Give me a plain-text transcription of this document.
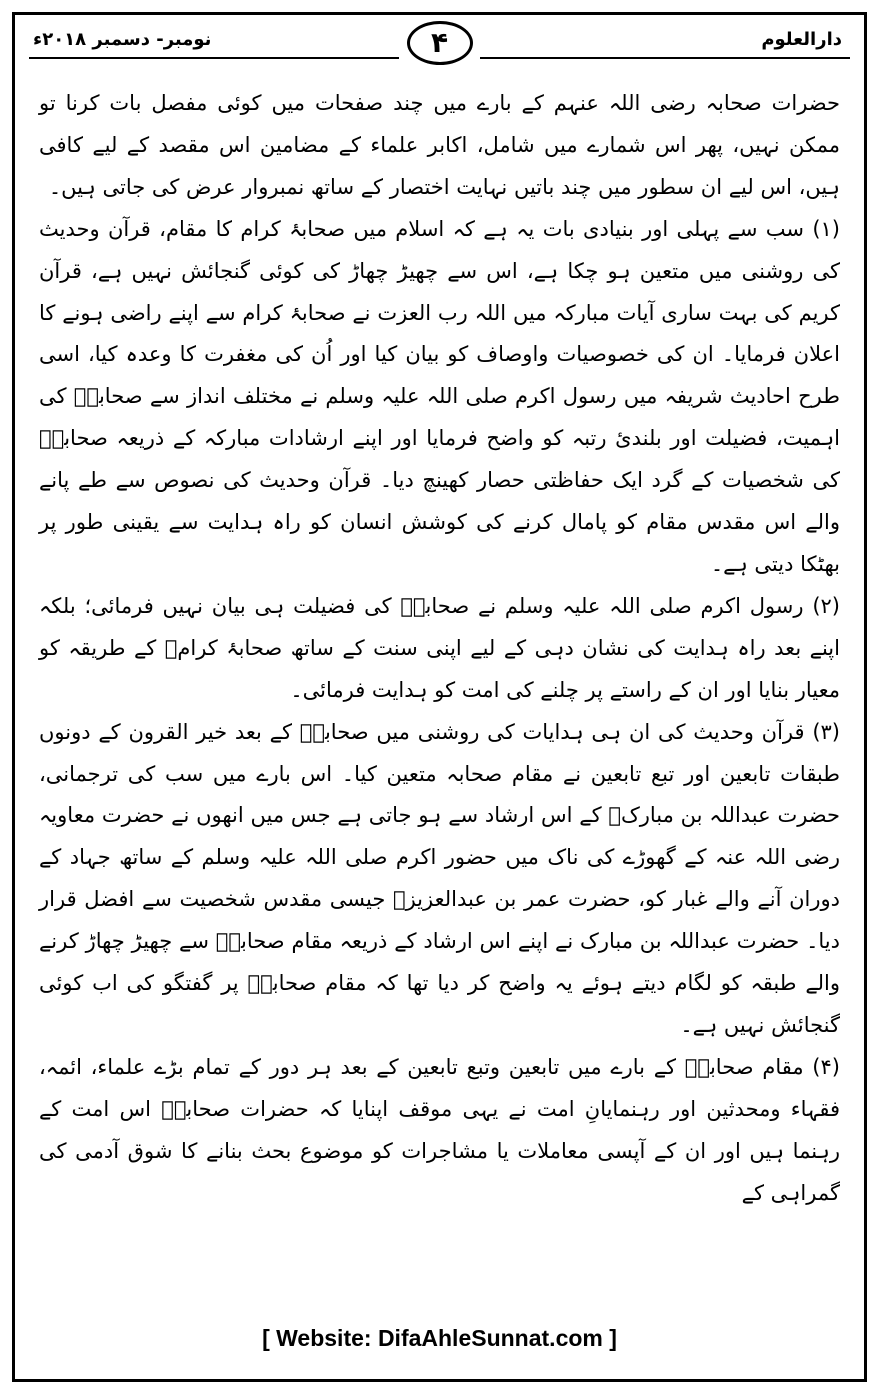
نومبر- دسمبر ۲۰۱۸ء	دارالعلوم
۴

حضرات صحابہ رضی اللہ عنہم کے بارے میں چند صفحات میں کوئی مفصل بات کرنا تو ممکن نہیں، پھر اس شمارے میں شامل، اکابر علماء کے مضامین اس مقصد کے لیے کافی ہیں، اس لیے ان سطور میں چند باتیں نہایت اختصار کے ساتھ نمبروار عرض کی جاتی ہیں۔

(۱) سب سے پہلی اور بنیادی بات یہ ہے کہ اسلام میں صحابۂ کرام کا مقام، قرآن وحدیث کی روشنی میں متعین ہو چکا ہے، اس سے چھیڑ چھاڑ کی کوئی گنجائش نہیں ہے، قرآن کریم کی بہت ساری آیات مبارکہ میں اللہ رب العزت نے صحابۂ کرام سے اپنے راضی ہونے کا اعلان فرمایا۔ ان کی خصوصیات واوصاف کو بیان کیا اور اُن کی مغفرت کا وعدہ کیا، اسی طرح احادیث شریفہ میں رسول اکرم صلی اللہ علیہ وسلم نے مختلف انداز سے صحابہؓ کی اہمیت، فضیلت اور بلندیٔ رتبہ کو واضح فرمایا اور اپنے ارشادات مبارکہ کے ذریعہ صحابہؓ کی شخصیات کے گرد ایک حفاظتی حصار کھینچ دیا۔ قرآن وحدیث کی نصوص سے طے پانے والے اس مقدس مقام کو پامال کرنے کی کوشش انسان کو راہ ہدایت سے یقینی طور پر بھٹکا دیتی ہے۔

(۲) رسول اکرم صلی اللہ علیہ وسلم نے صحابہؓ کی فضیلت ہی بیان نہیں فرمائی؛ بلکہ اپنے بعد راہ ہدایت کی نشان دہی کے لیے اپنی سنت کے ساتھ صحابۂ کرامؓ کے طریقہ کو معیار بنایا اور ان کے راستے پر چلنے کی امت کو ہدایت فرمائی۔

(۳) قرآن وحدیث کی ان ہی ہدایات کی روشنی میں صحابہؓ کے بعد خیر القرون کے دونوں طبقات تابعین اور تبع تابعین نے مقام صحابہ متعین کیا۔ اس بارے میں سب کی ترجمانی، حضرت عبداللہ بن مبارکؒ کے اس ارشاد سے ہو جاتی ہے جس میں انھوں نے حضرت معاویہ رضی اللہ عنہ کے گھوڑے کی ناک میں حضور اکرم صلی اللہ علیہ وسلم کے ساتھ جہاد کے دوران آنے والے غبار کو، حضرت عمر بن عبدالعزیزؒ جیسی مقدس شخصیت سے افضل قرار دیا۔ حضرت عبداللہ بن مبارک نے اپنے اس ارشاد کے ذریعہ مقام صحابہؓ سے چھیڑ چھاڑ کرنے والے طبقہ کو لگام دیتے ہوئے یہ واضح کر دیا تھا کہ مقام صحابہؓ پر گفتگو کی اب کوئی گنجائش نہیں ہے۔

(۴) مقام صحابہؓ کے بارے میں تابعین وتبع تابعین کے بعد ہر دور کے تمام بڑے علماء، ائمہ، فقہاء ومحدثین اور رہنمایانِ امت نے یہی موقف اپنایا کہ حضرات صحابہؓ اس امت کے رہنما ہیں اور ان کے آپسی معاملات یا مشاجرات کو موضوع بحث بنانے کا شوق آدمی کی گمراہی کے

[ Website: DifaAhleSunnat.com ]
